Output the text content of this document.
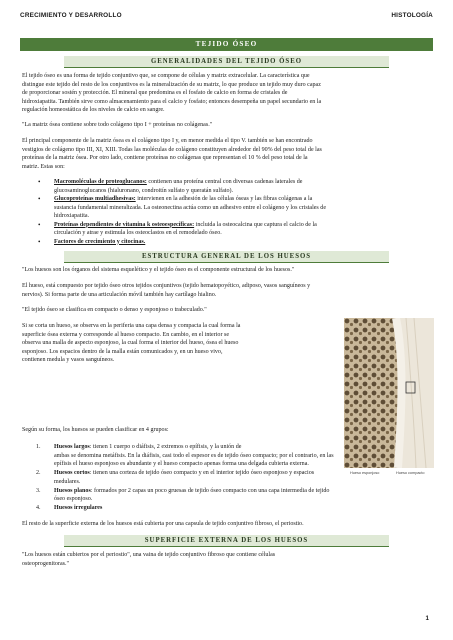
CRECIMIENTO Y DESARROLLO	HISTOLOGÍA
TEJIDO ÓSEO
GENERALIDADES DEL TEJIDO ÓSEO
El tejido óseo es una forma de tejido conjuntivo que, se compone de células y matriz extracelular. La característica que
distingue este tejido del resto de los conjuntivos es la mineralización de su matriz, lo que produce un tejido muy duro capaz
de proporcionar sostén y protección. El mineral que predomina es el fosfato de calcio en forma de cristales de
hidroxiapatita. También sirve como almacenamiento para el calcio y fosfato; entonces desempeña un papel secundario en la
regulación homeostática de los niveles de calcio en sangre.
"La matriz ósea contiene sobre todo colágeno tipo I + proteínas no colágenas."
El principal componente de la matriz ósea es el colágeno tipo I y, en menor medida el tipo V. también se han encontrado
vestigios de colágeno tipo III, XI, XIII. Todas las moléculas de colágeno constituyen alrededor del 90% del peso total de las
proteínas de la matriz ósea. Por otro lado, contiene proteínas no colágenas que representan el 10 % del peso total de la
matriz. Estas son:
• Macromoléculas de proteoglucanos: contienen una proteína central con diversas cadenas laterales de
glucosaminoglucanos (hialuronano, condroitín sulfato y queratán sulfato).
• Glucoproteínas multiadhesivas: intervienen en la adhesión de las células óseas y las fibras colágenas a la
sustancia fundamental mineralizada. La osteonectina actúa como un adhesivo entre el colágeno y los cristales de
hidroxiapatita.
• Proteínas dependientes de vitamina k osteoespecíficas: incluida la osteocalcina que captura el calcio de la
circulación y atrae y estimula los osteoclastos en el remodelado óseo.
• Factores de crecimiento y citocinas.
ESTRUCTURA GENERAL DE LOS HUESOS
"Los huesos son los órganos del sistema esquelético y el tejido óseo es el componente estructural de los huesos."
El hueso, está compuesto por tejido óseo otros tejidos conjuntivos (tejido hematopoyético, adiposo, vasos sanguíneos y
nervios). Si forma parte de una articulación móvil también hay cartílago hialino.
"El tejido óseo se clasifica en compacto o denso y esponjoso o trabeculado."
Si se corta un hueso, se observa en la periferia una capa densa y compacta la cual forma la
superficie ósea externa y corresponde al hueso compacto. En cambio, en el interior se
observa una malla de aspecto esponjoso, la cual forma el interior del hueso, ósea el hueso
esponjoso. Los espacios dentro de la malla están comunicados y, en un hueso vivo,
contienen medula y vasos sanguíneos.
Hueso esponjoso	Hueso compacto
Según su forma, los huesos se pueden clasificar en 4 grupos:
1. Huesos largos: tienen 1 cuerpo o diáfisis, 2 extremos o epífisis, y la unión de
ambas se denomina metáfisis. En la diáfisis, casi todo el espesor es de tejido óseo compacto; por el contrario, en las
epífisis el hueso esponjoso es abundante y el hueso compacto apenas forma una delgada cubierta externa.
2. Huesos cortos: tienen una corteza de tejido óseo compacto y en el interior tejido óseo esponjoso y espacios
medulares.
3. Huesos planos: formados por 2 capas un poco gruesas de tejido óseo compacto con una capa intermedia de tejido
óseo esponjoso.
4. Huesos irregulares
El resto de la superficie externa de los huesos está cubierta por una capsula de tejido conjuntivo fibroso, el periostio.
SUPERFICIE EXTERNA DE LOS HUESOS
"Los huesos están cubiertos por el periostio", una vaina de tejido conjuntivo fibroso que contiene células
osteoprogenitoras."
1
